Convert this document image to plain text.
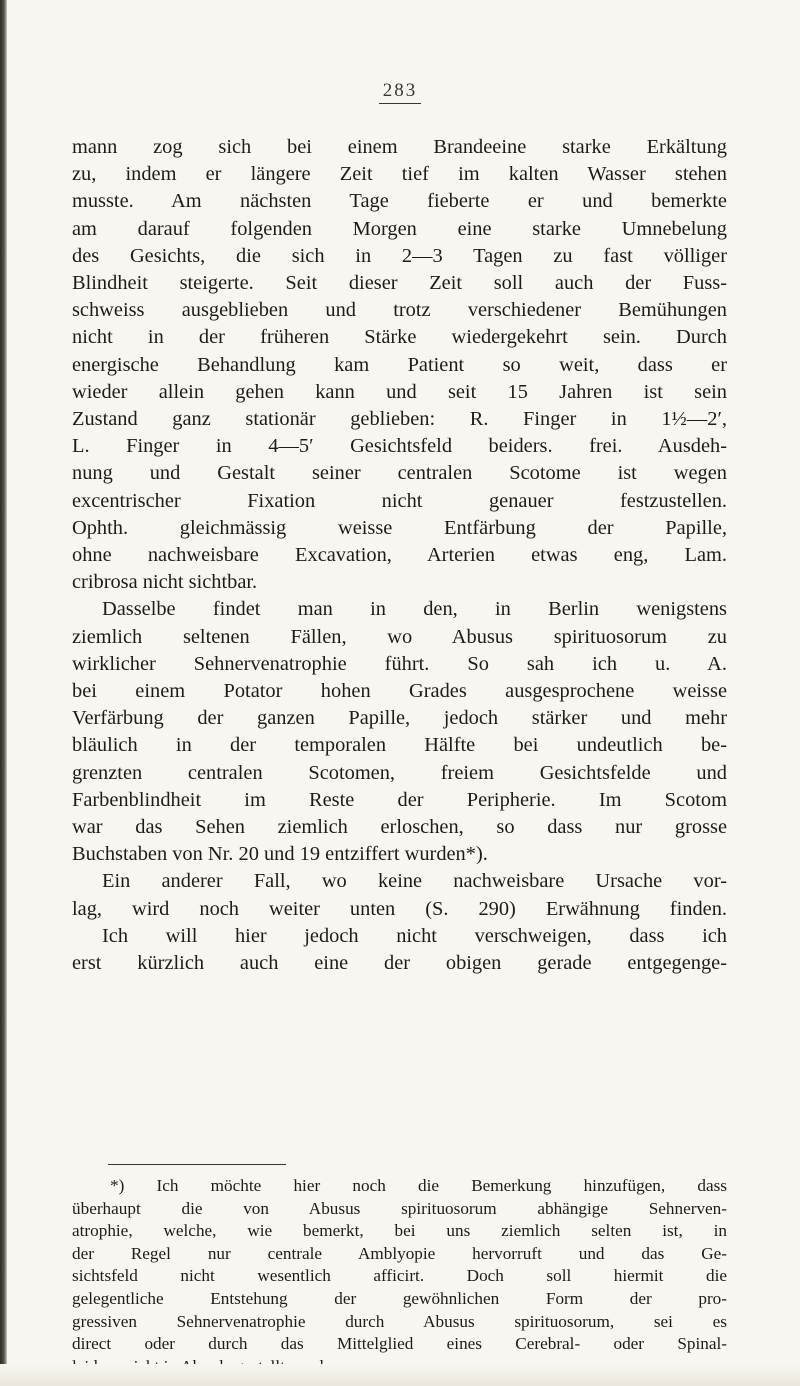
283
mann zog sich bei einem Brandeeine starke Erkältung
zu, indem er längere Zeit tief im kalten Wasser stehen
musste. Am nächsten Tage fieberte er und bemerkte
am darauf folgenden Morgen eine starke Umnebelung
des Gesichts, die sich in 2—3 Tagen zu fast völliger
Blindheit steigerte. Seit dieser Zeit soll auch der Fuss-
schweiss ausgeblieben und trotz verschiedener Bemühungen
nicht in der früheren Stärke wiedergekehrt sein. Durch
energische Behandlung kam Patient so weit, dass er
wieder allein gehen kann und seit 15 Jahren ist sein
Zustand ganz stationär geblieben: R. Finger in 1½—2′,
L. Finger in 4—5′ Gesichtsfeld beiders. frei. Ausdeh-
nung und Gestalt seiner centralen Scotome ist wegen
excentrischer Fixation nicht genauer festzustellen.
Ophth. gleichmässig weisse Entfärbung der Papille,
ohne nachweisbare Excavation, Arterien etwas eng, Lam.
cribrosa nicht sichtbar.
Dasselbe findet man in den, in Berlin wenigstens
ziemlich seltenen Fällen, wo Abusus spirituosorum zu
wirklicher Sehnervenatrophie führt. So sah ich u. A.
bei einem Potator hohen Grades ausgesprochene weisse
Verfärbung der ganzen Papille, jedoch stärker und mehr
bläulich in der temporalen Hälfte bei undeutlich be-
grenzten centralen Scotomen, freiem Gesichtsfelde und
Farbenblindheit im Reste der Peripherie. Im Scotom
war das Sehen ziemlich erloschen, so dass nur grosse
Buchstaben von Nr. 20 und 19 entziffert wurden*).
Ein anderer Fall, wo keine nachweisbare Ursache vor-
lag, wird noch weiter unten (S. 290) Erwähnung finden.
Ich will hier jedoch nicht verschweigen, dass ich
erst kürzlich auch eine der obigen gerade entgegenge-
*) Ich möchte hier noch die Bemerkung hinzufügen, dass
überhaupt die von Abusus spirituosorum abhängige Sehnerven-
atrophie, welche, wie bemerkt, bei uns ziemlich selten ist, in
der Regel nur centrale Amblyopie hervorruft und das Ge-
sichtsfeld nicht wesentlich afficirt. Doch soll hiermit die
gelegentliche Entstehung der gewöhnlichen Form der pro-
gressiven Sehnervenatrophie durch Abusus spirituosorum, sei es
direct oder durch das Mittelglied eines Cerebral- oder Spinal-
